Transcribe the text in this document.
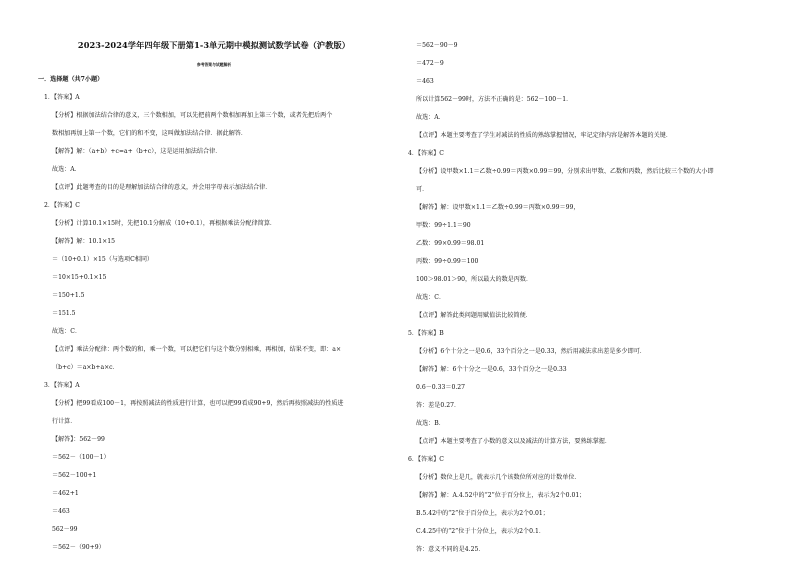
2023-2024学年四年级下册第1-3单元期中模拟测试数学试卷（沪教版）
参考答案与试题解析
一．选择题（共7小题）
1．【答案】A
【分析】根据加法结合律的意义，三个数相加，可以先把前两个数相加再加上第三个数，或者先把后两个
数相加再加上第一个数，它们的和不变，这叫做加法结合律．据此解答．
【解答】解：（a+b）+c=a+（b+c），这是运用加法结合律．
故选：A．
【点评】此题考查的目的是理解加法结合律的意义，并会用字母表示加法结合律．
2．【答案】C
【分析】计算10.1×15时，先把10.1分解成（10+0.1），再根据乘法分配律简算．
【解答】解：10.1×15
＝（10+0.1）×15（与选项C相同）
＝10×15+0.1×15
＝150+1.5
＝151.5
故选：C．
【点评】乘法分配律：两个数的和，乘一个数，可以把它们与这个数分别相乘，再相加，结果不变，即：a×
（b+c）＝a×b+a×c．
3．【答案】A
【分析】把99看成100－1，再按照减法的性质进行计算，也可以把99看成90+9，然后再按照减法的性质进
行计算．
【解答】：562－99
＝562－（100－1）
＝562－100+1
＝462+1
＝463
562－99
＝562－（90+9）
＝562－90－9
＝472－9
＝463
所以计算562－99时，方法不正确的是：562－100－1．
故选：A．
【点评】本题主要考查了学生对减法的性质的熟练掌握情况，牢记定律内容是解答本题的关键．
4．【答案】C
【分析】设甲数×1.1＝乙数÷0.99＝丙数×0.99＝99，分别求出甲数、乙数和丙数，然后比较三个数的大小即
可．
【解答】解：设甲数×1.1＝乙数÷0.99＝丙数×0.99＝99，
甲数：99÷1.1＝90
乙数：99×0.99＝98.01
丙数：99÷0.99＝100
100＞98.01＞90，所以最大的数是丙数．
故选：C．
【点评】解答此类问题用赋值法比较简便．
5．【答案】B
【分析】6个十分之一是0.6，33个百分之一是0.33，然后用减法求出差是多少即可．
【解答】解：6个十分之一是0.6，33个百分之一是0.33
0.6－0.33＝0.27
答：差是0.27．
故选：B．
【点评】本题主要考查了小数的意义以及减法的计算方法，要熟练掌握．
6．【答案】C
【分析】数位上是几，就表示几个该数位所对应的计数单位．
【解答】解：A.4.52中的“2”位于百分位上，表示为2个0.01；
B.5.42中的“2”位于百分位上，表示为2个0.01；
C.4.25中的“2”位于十分位上，表示为2个0.1．
答：意义不同的是4.25．
